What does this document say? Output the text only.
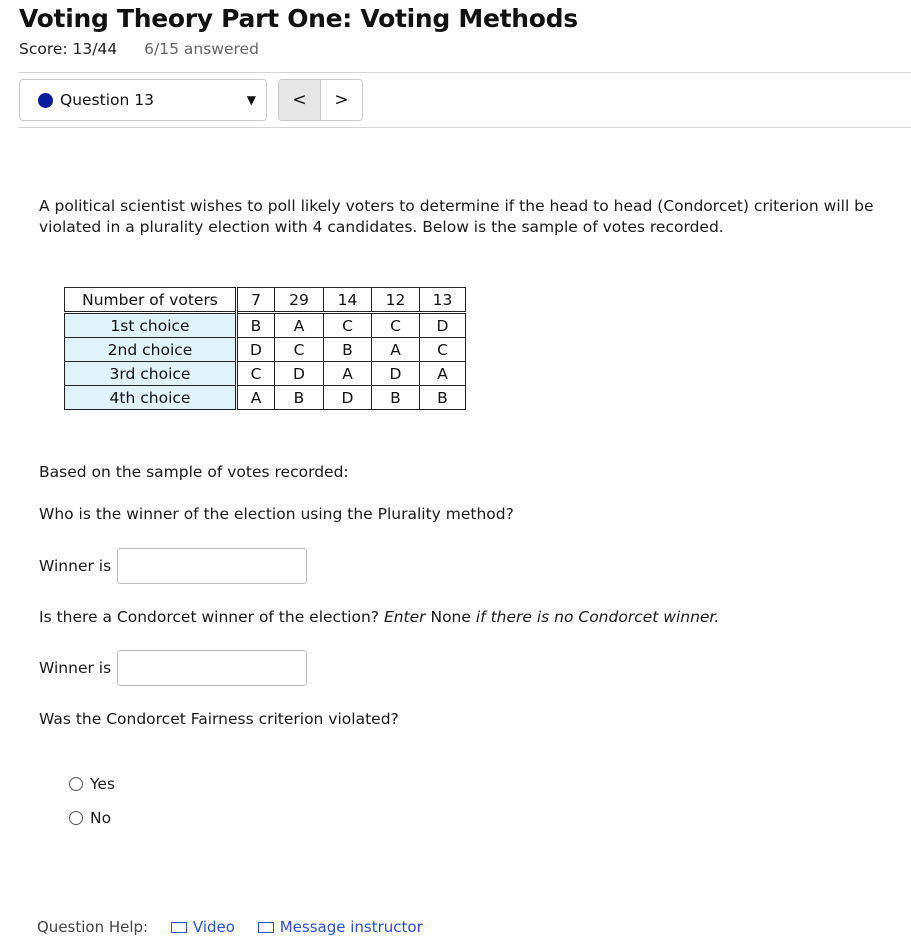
Voting Theory Part One: Voting Methods
Score: 13/44 6/15 answered
Question 13	▼	<	>

A political scientist wishes to poll likely voters to determine if the head to head (Condorcet) criterion will be violated in a plurality election with 4 candidates. Below is the sample of votes recorded.

Number of voters	7	29	14	12	13
1st choice	B	A	C	C	D
2nd choice	D	C	B	A	C
3rd choice	C	D	A	D	A
4th choice	A	B	D	B	B

Based on the sample of votes recorded:

Who is the winner of the election using the Plurality method?

Winner is

Is there a Condorcet winner of the election? Enter None if there is no Condorcet winner.

Winner is

Was the Condorcet Fairness criterion violated?

Yes
No
Question Help:	Video	Message instructor
